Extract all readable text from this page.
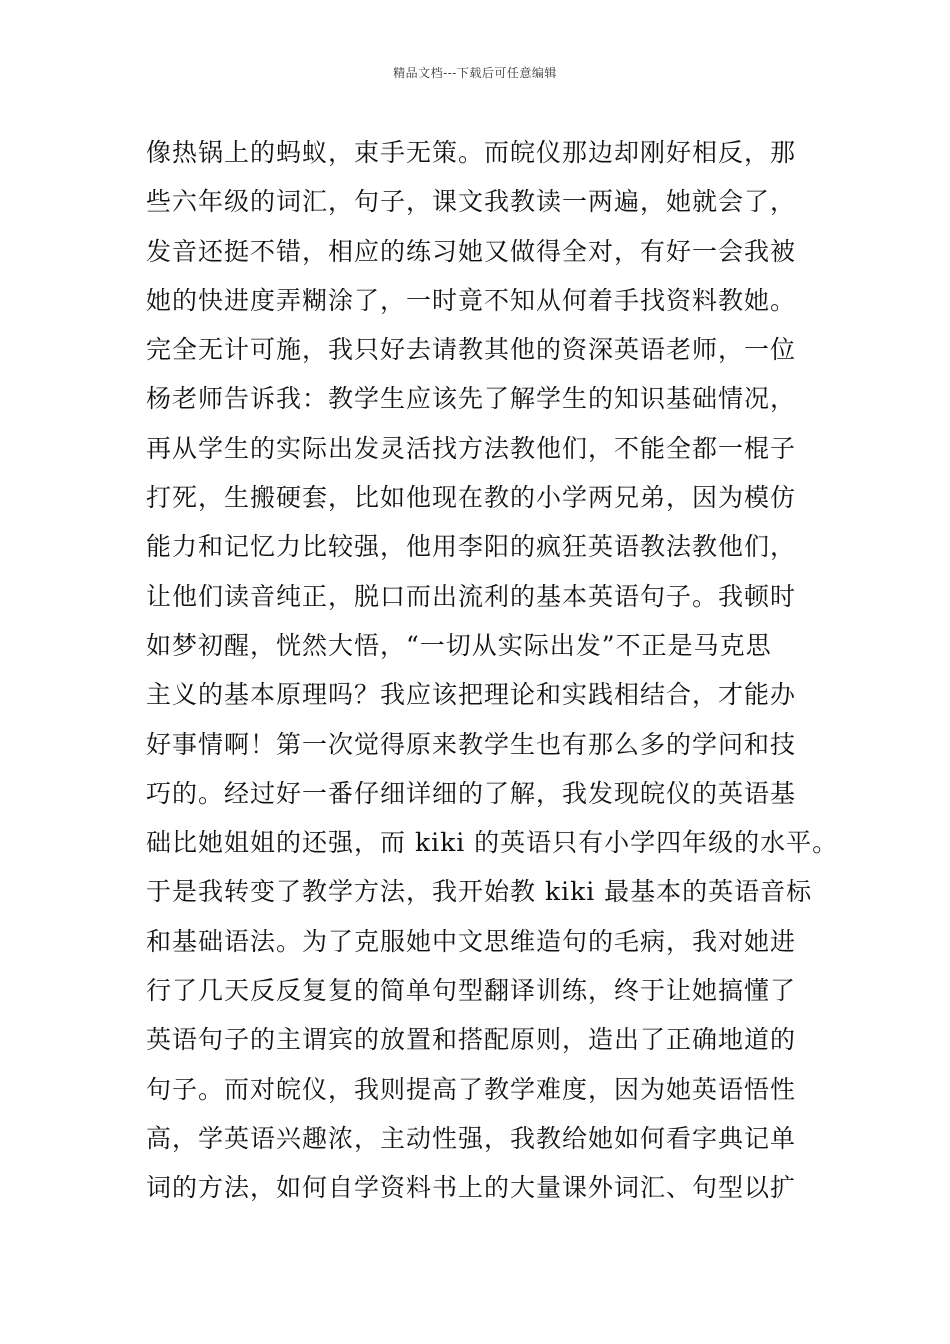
精品文档---下载后可任意编辑
像热锅上的蚂蚁，束手无策。而皖仪那边却刚好相反，那
些六年级的词汇，句子，课文我教读一两遍，她就会了，
发音还挺不错，相应的练习她又做得全对，有好一会我被
她的快进度弄糊涂了，一时竟不知从何着手找资料教她。
完全无计可施，我只好去请教其他的资深英语老师，一位
杨老师告诉我：教学生应该先了解学生的知识基础情况，
再从学生的实际出发灵活找方法教他们，不能全都一棍子
打死，生搬硬套，比如他现在教的小学两兄弟，因为模仿
能力和记忆力比较强，他用李阳的疯狂英语教法教他们，
让他们读音纯正，脱口而出流利的基本英语句子。我顿时
如梦初醒，恍然大悟，“一切从实际出发”不正是马克思
主义的基本原理吗？我应该把理论和实践相结合，才能办
好事情啊！第一次觉得原来教学生也有那么多的学问和技
巧的。经过好一番仔细详细的了解，我发现皖仪的英语基
础比她姐姐的还强，而 kiki 的英语只有小学四年级的水平。
于是我转变了教学方法，我开始教 kiki 最基本的英语音标
和基础语法。为了克服她中文思维造句的毛病，我对她进
行了几天反反复复的简单句型翻译训练，终于让她搞懂了
英语句子的主谓宾的放置和搭配原则，造出了正确地道的
句子。而对皖仪，我则提高了教学难度，因为她英语悟性
高，学英语兴趣浓，主动性强，我教给她如何看字典记单
词的方法，如何自学资料书上的大量课外词汇、句型以扩
